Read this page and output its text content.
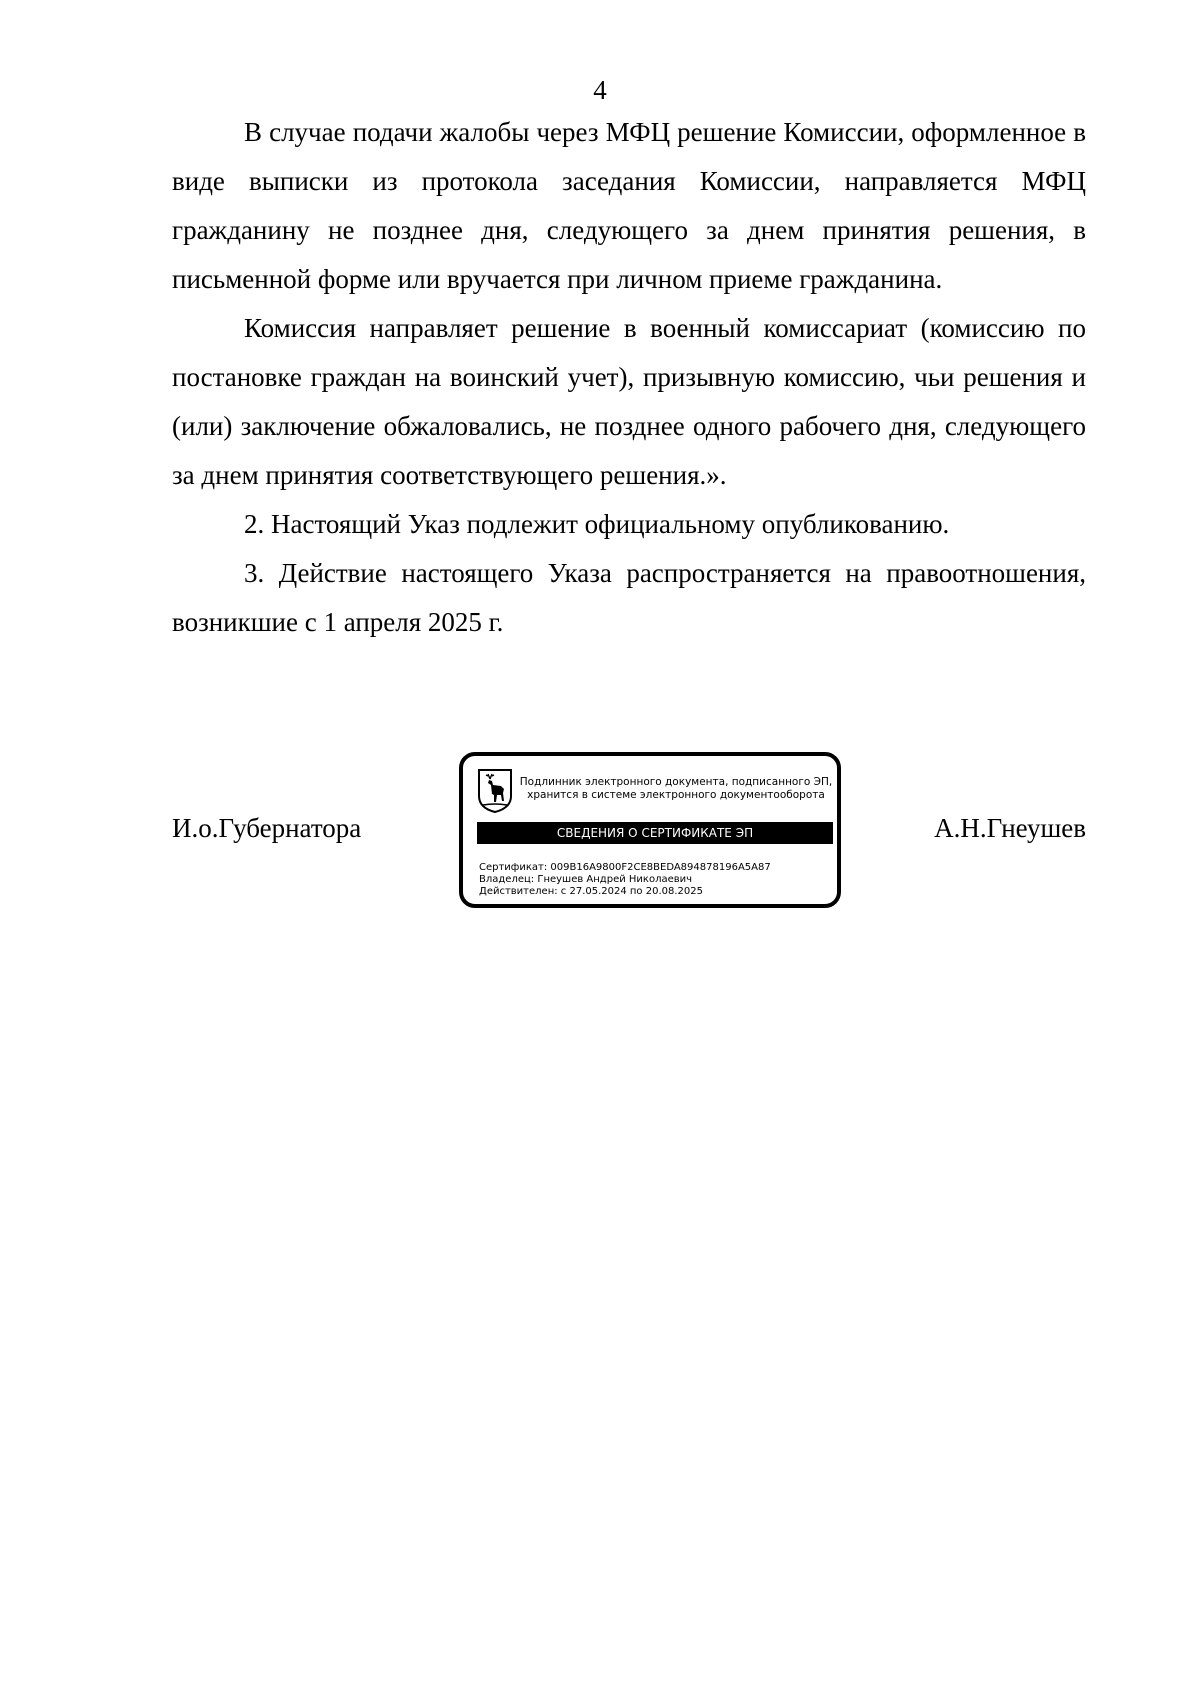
4

В случае подачи жалобы через МФЦ решение Комиссии, оформленное в виде выписки из протокола заседания Комиссии, направляется МФЦ гражданину не позднее дня, следующего за днем принятия решения, в письменной форме или вручается при личном приеме гражданина.

Комиссия направляет решение в военный комиссариат (комиссию по постановке граждан на воинский учет), призывную комиссию, чьи решения и (или) заключение обжаловались, не позднее одного рабочего дня, следующего за днем принятия соответствующего решения.».

2. Настоящий Указ подлежит официальному опубликованию.

3. Действие настоящего Указа распространяется на правоотношения, возникшие с 1 апреля 2025 г.

И.о.Губернатора
Подлинник электронного документа, подписанного ЭП,
хранится в системе электронного документооборота
СВЕДЕНИЯ О СЕРТИФИКАТЕ ЭП
Сертификат: 009B16A9800F2CE8BEDA894878196A5A87
Владелец: Гнеушев Андрей Николаевич
Действителен: с 27.05.2024 по 20.08.2025
А.Н.Гнеушев
